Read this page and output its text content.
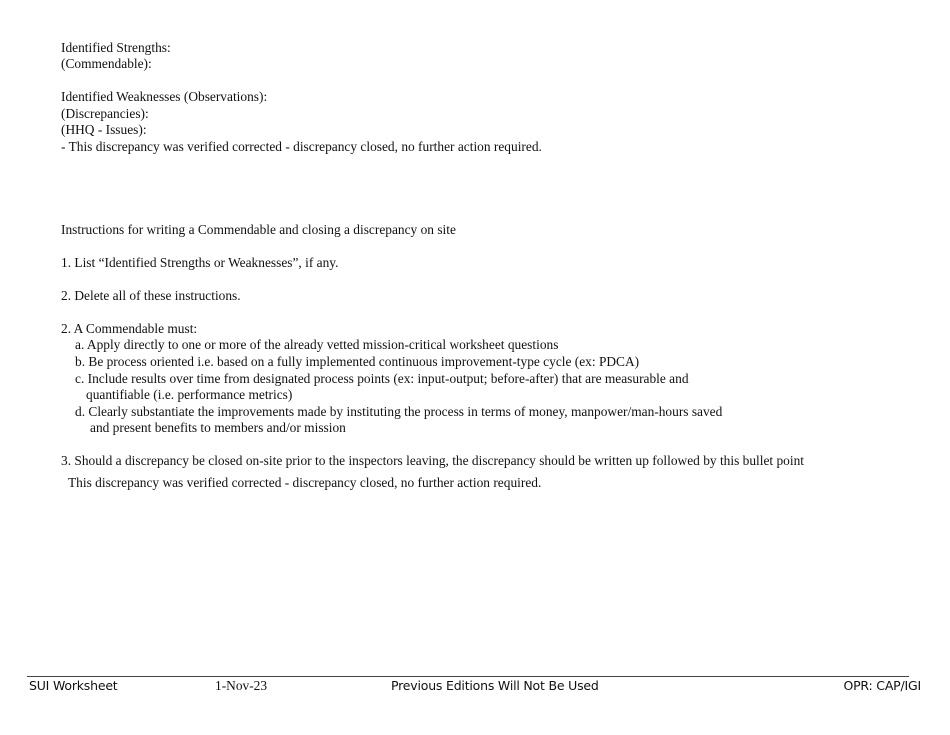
Identified Strengths:
(Commendable):
Identified Weaknesses (Observations):
(Discrepancies):
(HHQ - Issues):
- This discrepancy was verified corrected - discrepancy closed, no further action required.
Instructions for writing a Commendable and closing a discrepancy on site
1. List “Identified Strengths or Weaknesses”, if any.
2. Delete all of these instructions.
2. A Commendable must:
a. Apply directly to one or more of the already vetted mission-critical worksheet questions
b. Be process oriented i.e. based on a fully implemented continuous improvement-type cycle (ex: PDCA)
c. Include results over time from designated process points (ex: input-output; before-after) that are measurable and
quantifiable (i.e. performance metrics)
d. Clearly substantiate the improvements made by instituting the process in terms of money, manpower/man-hours saved
and present benefits to members and/or mission
3. Should a discrepancy be closed on-site prior to the inspectors leaving, the discrepancy should be written up followed by this bullet point
This discrepancy was verified corrected - discrepancy closed, no further action required.
SUI Worksheet	1-Nov-23	Previous Editions Will Not Be Used	OPR: CAP/IGI
